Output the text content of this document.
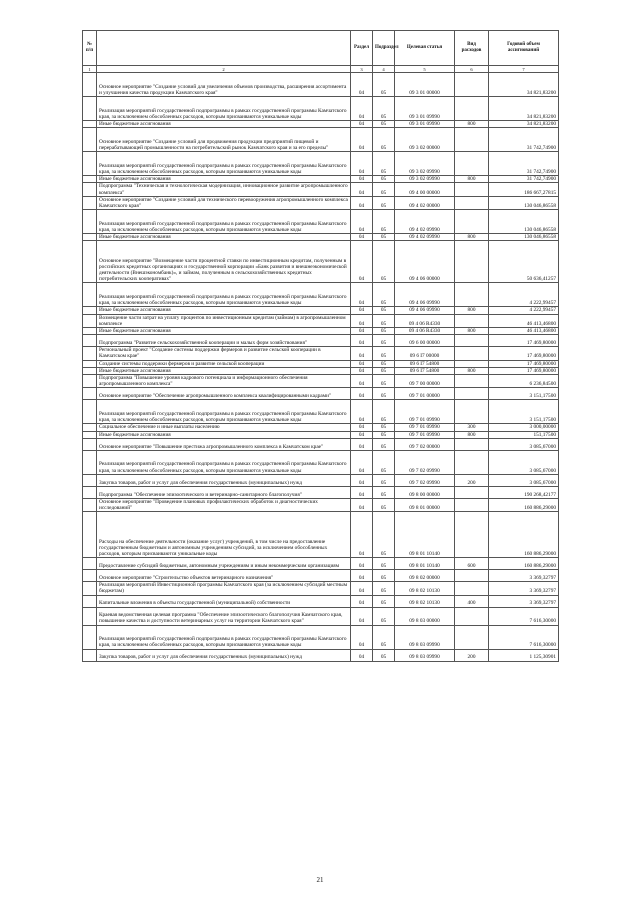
№ п/п		Раздел	Подраздел	Целевая статья	Вид расходов	Годовой объем ассигнований
1	2	3	4	5	6	7
	Основное мероприятие "Создание условий для увеличения объемов производства, расширения ассортимента и улучшения качества продукции Камчатского края"	04	05	09 3 01 00000		34 821,83200
	Реализация мероприятий государственной подпрограммы в рамках государственной программы Камчатского края, за исключением обособленных расходов, которым присваиваются уникальные коды	04	05	09 3 01 09990		34 821,83200
	Иные бюджетные ассигнования	04	05	09 3 01 09990	800	34 821,83200
	Основное мероприятие "Создание условий для продвижения продукции предприятий пищевой и перерабатывающей промышленности на потребительский рынок Камчатского края и за его пределы"	04	05	09 3 02 00000		31 742,74900
	Реализация мероприятий государственной подпрограммы в рамках государственной программы Камчатского края, за исключением обособленных расходов, которым присваиваются уникальные коды	04	05	09 3 02 09990		31 742,74900
	Иные бюджетные ассигнования	04	05	09 3 02 09990	800	31 742,74900
	Подпрограмма "Техническая и технологическая модернизация, инновационное развитие агропромышленного комплекса"	04	05	09 4 00 00000		186 667,27815
	Основное мероприятие "Создание условий для технического перевооружения агропромышленного комплекса Камчатского края"	04	05	09 4 02 00000		130 046,86558
	Реализация мероприятий государственной подпрограммы в рамках государственной программы Камчатского края, за исключением обособленных расходов, которым присваиваются уникальные коды	04	05	09 4 02 09990		130 046,86558
	Иные бюджетные ассигнования	04	05	09 4 02 09990	800	130 046,86558
	Основное мероприятие "Возмещение части процентной ставки по инвестиционным кредитам, полученным в российских кредитных организациях и государственной корпорации «Банк развития и внешнеэкономической деятельности (Внешэкономбанк)», и займам, полученным в сельскохозяйственных кредитных потребительских кооперативах"	04	05	09 4 06 00000		50 636,41257
	Реализация мероприятий государственной подпрограммы в рамках государственной программы Камчатского края, за исключением обособленных расходов, которым присваиваются уникальные коды	04	05	09 4 06 09990		4 222,99457
	Иные бюджетные ассигнования	04	05	09 4 06 09990	800	4 222,99457
	Возмещение части затрат на уплату процентов по инвестиционным кредитам (займам) в агропромышленном комплексе	04	05	09 4 06 R4330		46 413,46800
	Иные бюджетные ассигнования	04	05	09 4 06 R4330	800	46 413,46800
	Подпрограмма "Развитие сельскохозяйственной кооперации и малых форм хозяйствования"	04	05	09 6 00 00000		17 469,80000
	Региональный проект "Создание системы поддержки фермеров и развитие сельской кооперации в Камчатском крае"	04	05	09 6 I7 00000		17 469,80000
	Создание системы поддержки фермеров и развитие сельской кооперации	04	05	09 6 I7 54800		17 469,80000
	Иные бюджетные ассигнования	04	05	09 6 I7 54800	800	17 469,80000
	Подпрограмма "Повышение уровня кадрового потенциала и информационного обеспечения агропромышленного комплекса"	04	05	09 7 00 00000		6 236,84500
	Основное мероприятие "Обеспечение агропромышленного комплекса квалифицированными кадрами"	04	05	09 7 01 00000		3 151,17500
	Реализация мероприятий государственной подпрограммы в рамках государственной программы Камчатского края, за исключением обособленных расходов, которым присваиваются уникальные коды	04	05	09 7 01 09990		3 151,17500
	Социальное обеспечение и иные выплаты населению	04	05	09 7 01 09990	300	3 000,00000
	Иные бюджетные ассигнования	04	05	09 7 01 09990	800	151,17500
	Основное мероприятие "Повышение престижа агропромышленного комплекса в Камчатском крае"	04	05	09 7 02 00000		3 085,67000
	Реализация мероприятий государственной подпрограммы в рамках государственной программы Камчатского края, за исключением обособленных расходов, которым присваиваются уникальные коды	04	05	09 7 02 09990		3 085,67000
	Закупка товаров, работ и услуг для обеспечения государственных (муниципальных) нужд	04	05	09 7 02 09990	200	3 085,67000
	Подпрограмма "Обеспечение эпизоотического и ветеринарно-санитарного благополучия"	04	05	09 8 00 00000		190 268,42177
	Основное мероприятие "Проведение плановых профилактических обработок и диагностических исследований"	04	05	09 8 01 00000		160 886,29000
	Расходы на обеспечение деятельности (оказание услуг) учреждений, в том числе на предоставление государственным бюджетным и автономным учреждениям субсидий, за исключением обособленных расходов, которым присваиваются уникальные коды	04	05	09 8 01 10140		160 886,29000
	Предоставление субсидий бюджетным, автономным учреждениям и иным некоммерческим организациям	04	05	09 8 01 10140	600	160 886,29000
	Основное мероприятие "Строительство объектов ветеринарного назначения"	04	05	09 8 02 00000		3 369,32797
	Реализация мероприятий Инвестиционной программы Камчатского края (за исключением субсидий местным бюджетам)	04	05	09 8 02 10130		3 369,32797
	Капитальные вложения в объекты государственной (муниципальной) собственности	04	05	09 8 02 10130	400	3 369,32797
	Краевая ведомственная целевая программа "Обеспечение эпизоотического благополучия Камчатского края, повышение качества и доступности ветеринарных услуг на территории Камчатского края"	04	05	09 8 03 00000		7 616,30000
	Реализация мероприятий государственной подпрограммы в рамках государственной программы Камчатского края, за исключением обособленных расходов, которым присваиваются уникальные коды	04	05	09 8 03 09990		7 616,30000
	Закупка товаров, работ и услуг для обеспечения государственных (муниципальных) нужд	04	05	09 8 03 09990	200	1 125,30901
21
